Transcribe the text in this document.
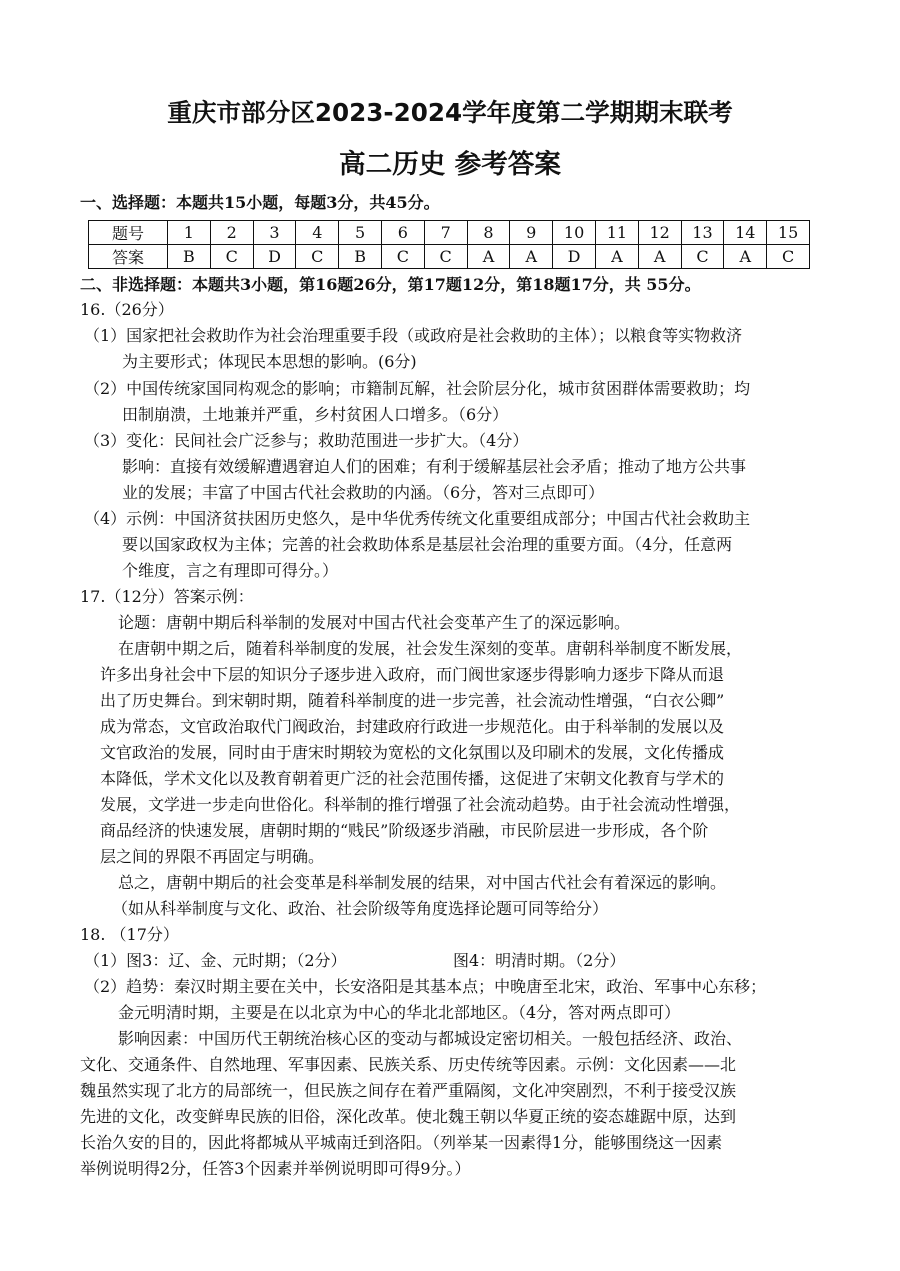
重庆市部分区2023-2024学年度第二学期期末联考
高二历史 参考答案
一、选择题：本题共15小题，每题3分，共45分。
题号	1	2	3	4	5	6	7	8	9	10	11	12	13	14	15
答案	B	C	D	C	B	C	C	A	A	D	A	A	C	A	C
二、非选择题：本题共3小题，第16题26分，第17题12分，第18题17分，共 55分。
16.（26分）
（1）国家把社会救助作为社会治理重要手段（或政府是社会救助的主体）；以粮食等实物救济
为主要形式；体现民本思想的影响。(6分)
（2）中国传统家国同构观念的影响；市籍制瓦解，社会阶层分化，城市贫困群体需要救助；均
田制崩溃，土地兼并严重，乡村贫困人口增多。（6分）
（3）变化：民间社会广泛参与；救助范围进一步扩大。（4分）
影响：直接有效缓解遭遇窘迫人们的困难；有利于缓解基层社会矛盾；推动了地方公共事
业的发展；丰富了中国古代社会救助的内涵。（6分，答对三点即可）
（4）示例：中国济贫扶困历史悠久，是中华优秀传统文化重要组成部分；中国古代社会救助主
要以国家政权为主体；完善的社会救助体系是基层社会治理的重要方面。（4分，任意两
个维度，言之有理即可得分。）
17.（12分）答案示例：
论题：唐朝中期后科举制的发展对中国古代社会变革产生了的深远影响。
在唐朝中期之后，随着科举制度的发展，社会发生深刻的变革。唐朝科举制度不断发展，
许多出身社会中下层的知识分子逐步进入政府，而门阀世家逐步得影响力逐步下降从而退
出了历史舞台。到宋朝时期，随着科举制度的进一步完善，社会流动性增强，“白衣公卿”
成为常态，文官政治取代门阀政治，封建政府行政进一步规范化。由于科举制的发展以及
文官政治的发展，同时由于唐宋时期较为宽松的文化氛围以及印刷术的发展，文化传播成
本降低，学术文化以及教育朝着更广泛的社会范围传播，这促进了宋朝文化教育与学术的
发展，文学进一步走向世俗化。科举制的推行增强了社会流动趋势。由于社会流动性增强，
商品经济的快速发展，唐朝时期的“贱民”阶级逐步消融，市民阶层进一步形成，各个阶
层之间的界限不再固定与明确。
总之，唐朝中期后的社会变革是科举制发展的结果，对中国古代社会有着深远的影响。
（如从科举制度与文化、政治、社会阶级等角度选择论题可同等给分）
18. （17分）
（1）图3：辽、金、元时期；（2分）	图4：明清时期。（2分）
（2）趋势：秦汉时期主要在关中，长安洛阳是其基本点；中晚唐至北宋，政治、军事中心东移；
金元明清时期，主要是在以北京为中心的华北北部地区。（4分，答对两点即可）
影响因素：中国历代王朝统治核心区的变动与都城设定密切相关。一般包括经济、政治、
文化、交通条件、自然地理、军事因素、民族关系、历史传统等因素。示例：文化因素——北
魏虽然实现了北方的局部统一，但民族之间存在着严重隔阂，文化冲突剧烈，不利于接受汉族
先进的文化，改变鲜卑民族的旧俗，深化改革。使北魏王朝以华夏正统的姿态雄踞中原，达到
长治久安的目的，因此将都城从平城南迁到洛阳。（列举某一因素得1分，能够围绕这一因素
举例说明得2分，任答3个因素并举例说明即可得9分。）
